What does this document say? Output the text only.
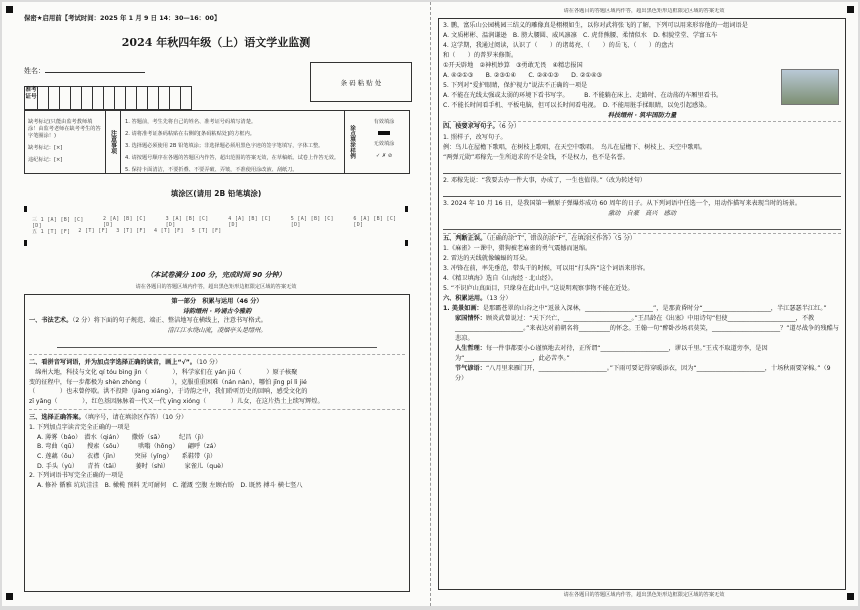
保密★启用前【考试时间：2025 年 1 月 9 日 14：30—16：00】

2024 年秋四年级（上）语文学业监测

姓名：
条 码 粘 贴 处
准考证号

缺考标记(只能由监考教师填涂！由监考老师在缺考考生的答字笔圈涂！)

缺考标记：[×]

违纪标记：[×]

注意事项

1. 答题前，考生先将自己的姓名、准考证号码填写清楚。

2. 请将准考证条码粘贴在右侧的[条码粘贴处]的方框内。

3. 选择题必须使用 2B 铅笔填涂；非选择题必须用黑色字迹的签字笔填写，字体工整。

4. 请按题号顺序在各题的答题区内作答，超出范围的答案无效，在草稿纸、试卷上作答无效。

5. 保持卡面清洁，不要折叠、不要弄破、弄皱，不准使用涂改液、刮纸刀。

涂点填涂样例

有效填涂

无效填涂

✓ ✗ ⊘

填涂区(请用 2B 铅笔填涂)

三 1 [A] [B] [C] [D]
2 [A] [B] [C] [D]
3 [A] [B] [C] [D]
4 [A] [B] [C] [D]
5 [A] [B] [C] [D]
6 [A] [B] [C] [D]
五 1 [T] [F] 2 [T] [F] 3 [T] [F] 4 [T] [F] 5 [T] [F]

（本试卷满分 100 分，完成时间 90 分钟）

请在各题目的答题区域内作答，超出黑色矩形边框限定区域的答案无效

第一部分　积累与运用（46 分）

诗韵缙州 · 吟诵古今雅韵

一、书法艺术。（2 分）将下面的句子规范、端正、整洁地写在横线上，注意书写格式。

涪江江水绕山流，凌烟亭头是缙州。

二、看拼音写词语，并为加点字选择正确的读音，画上“√”。（10 分）

　绵州大地，科技与文化 qí tóu bìng jìn（　　　　），科学家们在 yán jiū（　　　　）原子核聚

变的征程中，每一步都极为 shèn zhòng（　　　　），克服重重困难（nán nàn），哪怕 jīng pí lì jié

（　　　　）也未曾停歇。洪不投降（jiàng xiáng），于诗韵之中，我们聆听历史的回响，感受文化的

zī yǎng（　　　　），红色基因脉脉着一代又一代 yīng xióng（　　　　）儿女，在这片热土上续写辉煌。

三、选择正确答案。（填序号，请在填涂区作答）（10 分）

1. 下列加点字读音完全正确的一项是

A. 薄雾（báo）　潜水（qián）　　撒娇（sā）　　　纪昌（jì）

B. 弯曲（qū）　　搜索（sōu）　　　哄嗡（hōng）　　翩呼（zá）

C. 莲藕（ōu）　　衣襟（jīn）　　　突屏（yǐng）　　系鞋带（jì）

D. 手头（yù）　　青苔（tāi）　　　萎时（shì）　　　家雀儿（què）

2. 下列词语书写完全正确的一项是

A. 修补 循雅 坑坑洼洼　B. 橄榄 预料 无可耐何　C. 灌溉 空腹 左顾右盼　D. 既然 搏斗 横七竖八

请在各题目的答题区域内作答，超出黑色矩形边框限定区域的答案无效

3. 鹏，富乐山公园桃园三结义的雕像真是栩栩如生，以你对武将张飞的了解，下列可以用来形容他的一组词语是

A. 文质彬彬、温润谦逊　B. 膀大腰圆、威风凛凛　C. 虎背熊腰、柔情似水　D. 相貌堂堂、学富五车

4. 这学期，我通过阅读，认识了（　　）的诸葛亮、（　　）的岳飞、（　　）的盘古

和（　　）的普罗米修斯。

①开天辟地　②神机妙算　③勇敢无畏　④精忠报国

A. ④②①③　　B. ②③①④　　C. ②④①③　　D. ②①④③

5. 下列对“爱护眼睛，保护视力”说法不正确的一项是

A. 不能在光线太强或太弱的环境下看书写字。　　　B. 不能躺在床上、走路时、在动荡的车厢里看书。

C. 不能长时间看手机、平板电脑，但可以长时间看电视。　D. 不能用脏手揉眼睛，以免引起感染。

科技缙州 · 筑牢国防力量

四、按要求写句子。（6 分）

1. 照样子，改写句子。

例：鸟儿在屋檐下歌唱，在树枝上歌唱，在天空中歌唱。　鸟儿在屋檐下、树枝上、天空中歌唱。

“两弹元勋”邓稼先一生所追求的不是金钱，不是权力，也不是名誉。

2. 邓稼先说：“我要去办一件大事，办成了，一生也值得。”（改为转述句）

3. 2024 年 10 月 16 日，是我国第一颗原子弹爆炸成功 60 周年的日子。从下列词语中任选一个，用动作描写来表现当时的场景。

激动　自豪　高兴　感动

五、判断正误。（正确的涂“T”，错误的涂“F”，在填涂区作答）（5 分）

1.《麻雀》一课中，猎狗被老麻雀的勇气震撼而退缩。

2. 雷达的天线就像蝙蝠的耳朵。

3. 冲锋在前，率先垂范，带头干的时候，可以用“打头阵”这个词语来形容。

4.《精卫填海》选自《山海经 · 北山经》。

5. “不识庐山真面目，只缘身在此山中。”这说明观察事物不能在近处。

六、积累运用。（13 分）

1. 美景如画：是那霸苍翠的山谷之中“返景入深林，______________________”，是那黄昏时分“______________________，半江瑟瑟半江红。”

家国情怀：顾炎武曾说过：“天下兴亡，______________________。”王昌龄在《出塞》中用诗句“但使______________________，不教______________________。”来表达对前朝名将__________的怀念。王翰一句“醉卧沙场君莫笑，______________________？”道尽战争的残酷与悲凉。

人生哲理：每一件事都要小心谨慎地去对待，正所谓“______________________，谬以千里。”王戎不取道旁李，是因为“______________________，此必苦李。”

节气谚语：“八月里来雁门开，______________________。”下雨可要记得穿暖添衣，因为“______________________，十场秋雨要穿棉。”（9 分）

请在各题目的答题区域内作答，超出黑色矩形边框限定区域的答案无效
